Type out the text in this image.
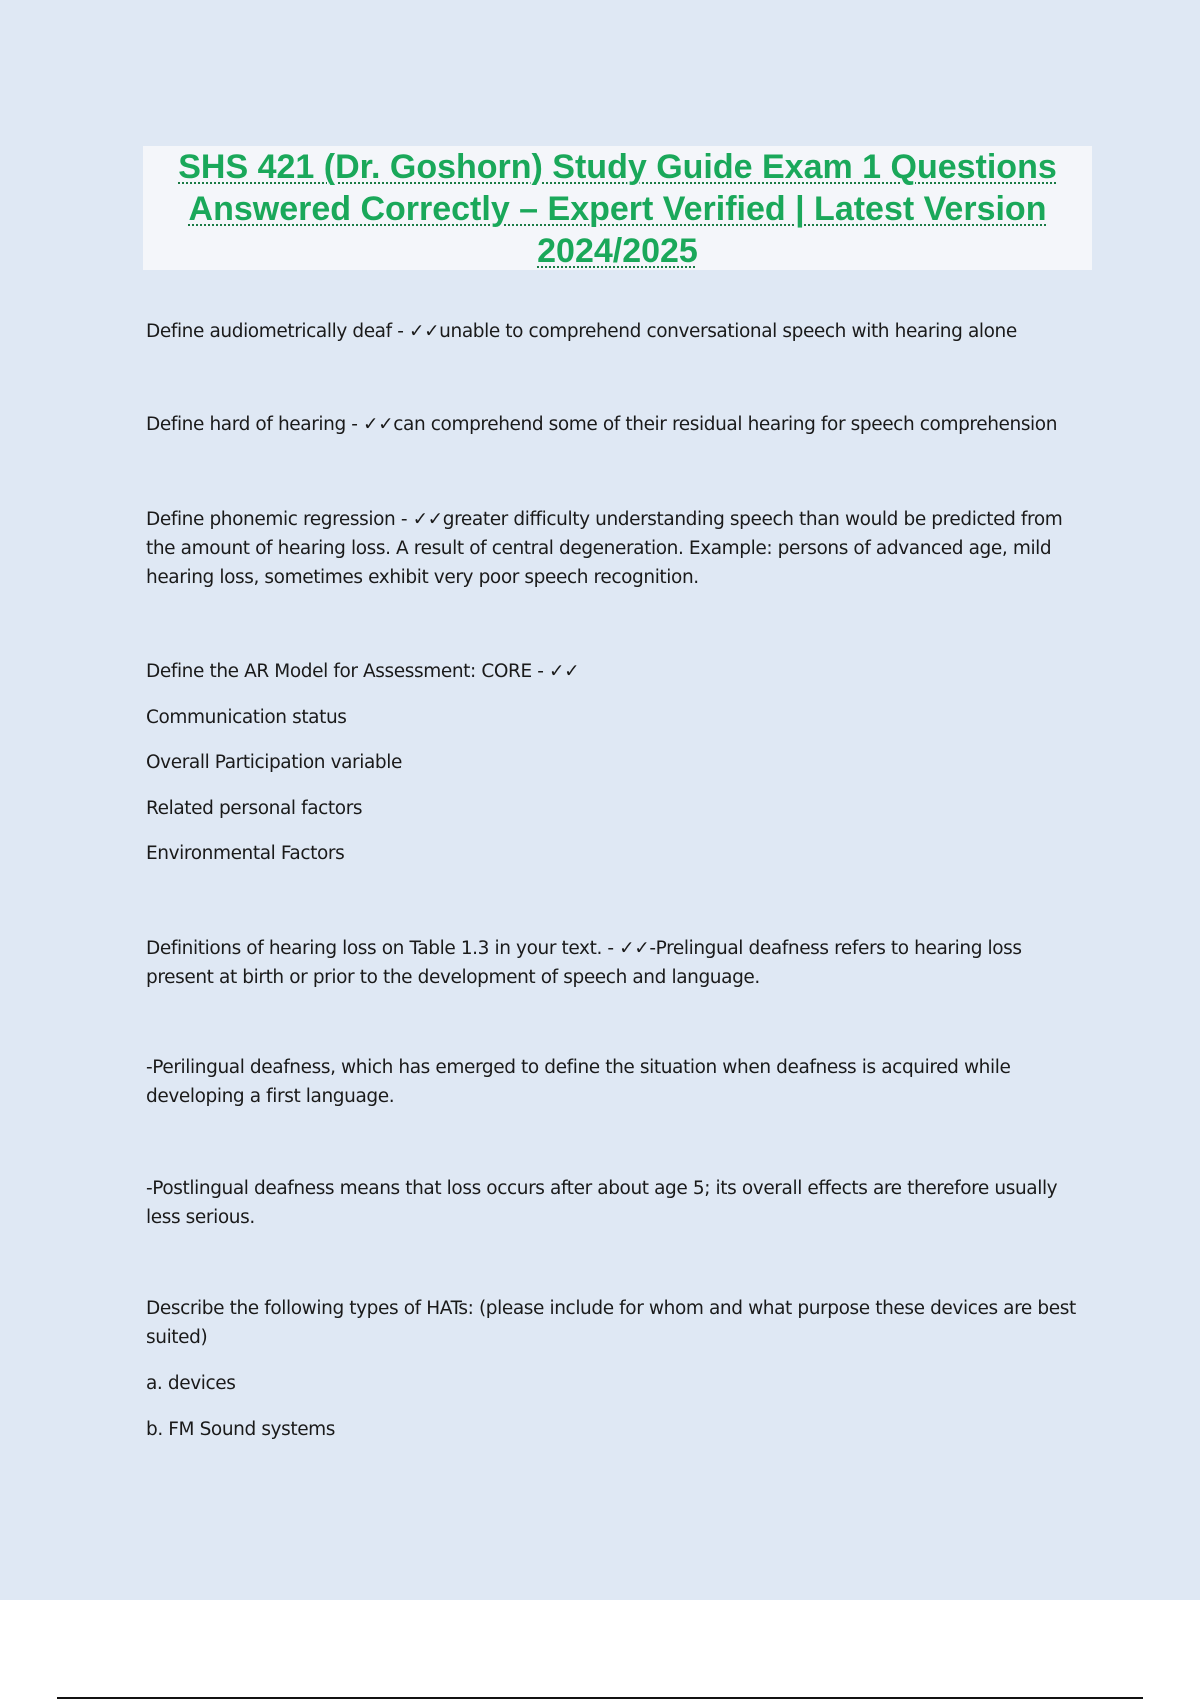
SHS 421 (Dr. Goshorn) Study Guide Exam 1 Questions
Answered Correctly – Expert Verified | Latest Version
2024/2025
Define audiometrically deaf - ✓✓unable to comprehend conversational speech with hearing alone
Define hard of hearing - ✓✓can comprehend some of their residual hearing for speech comprehension
Define phonemic regression - ✓✓greater difficulty understanding speech than would be predicted from
the amount of hearing loss. A result of central degeneration. Example: persons of advanced age, mild
hearing loss, sometimes exhibit very poor speech recognition.
Define the AR Model for Assessment: CORE - ✓✓
Communication status
Overall Participation variable
Related personal factors
Environmental Factors
Definitions of hearing loss on Table 1.3 in your text. - ✓✓-Prelingual deafness refers to hearing loss
present at birth or prior to the development of speech and language.
-Perilingual deafness, which has emerged to define the situation when deafness is acquired while
developing a first language.
-Postlingual deafness means that loss occurs after about age 5; its overall effects are therefore usually
less serious.
Describe the following types of HATs: (please include for whom and what purpose these devices are best
suited)
a. devices
b. FM Sound systems
